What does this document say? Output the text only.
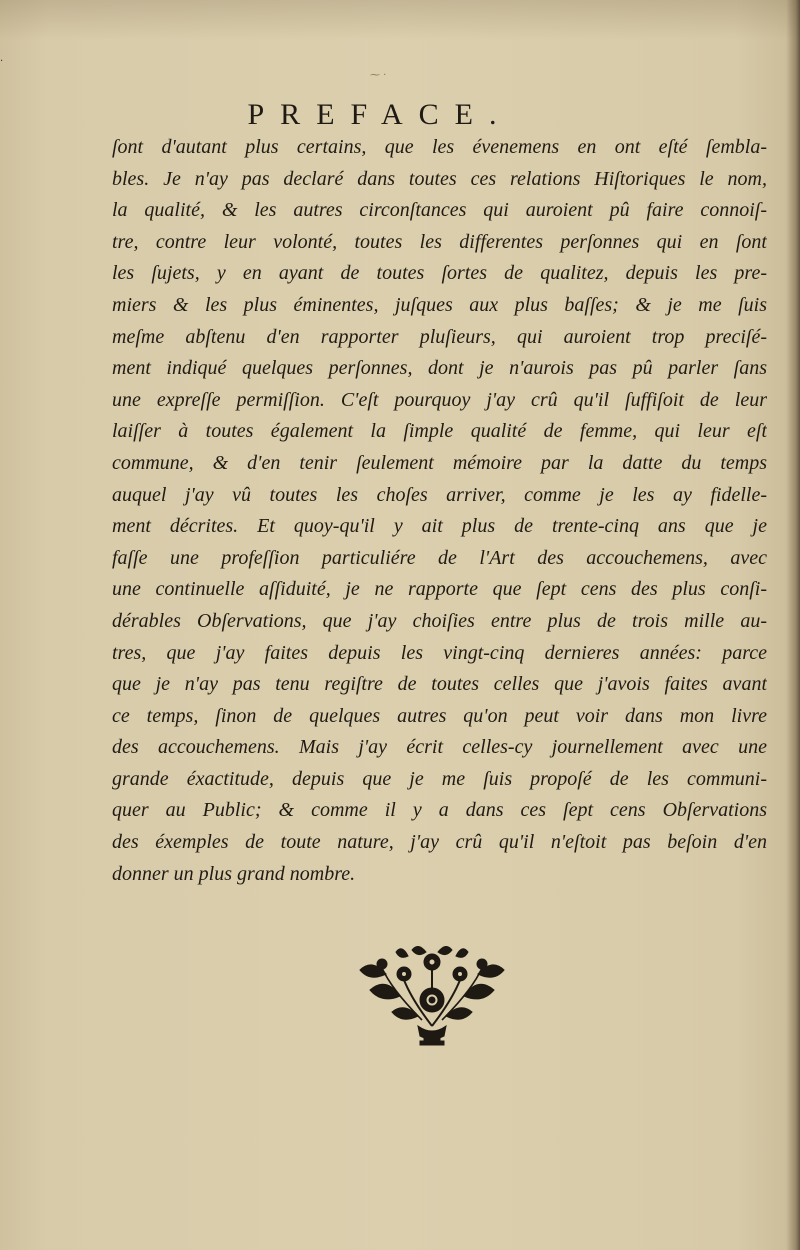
·
⁓ ·
PREFACE.
ſont d'autant plus certains, que les évenemens en ont eſté ſembla-
bles. Je n'ay pas declaré dans toutes ces relations Hiſtoriques le nom,
la qualité, & les autres circonſtances qui auroient pû faire connoiſ-
tre, contre leur volonté, toutes les differentes perſonnes qui en ſont
les ſujets, y en ayant de toutes ſortes de qualitez, depuis les pre-
miers & les plus éminentes, juſques aux plus baſſes; & je me ſuis
meſme abſtenu d'en rapporter pluſieurs, qui auroient trop preciſé-
ment indiqué quelques perſonnes, dont je n'aurois pas pû parler ſans
une expreſſe permiſſion. C'eſt pourquoy j'ay crû qu'il ſuffiſoit de leur
laiſſer à toutes également la ſimple qualité de femme, qui leur eſt
commune, & d'en tenir ſeulement mémoire par la datte du temps
auquel j'ay vû toutes les choſes arriver, comme je les ay fidelle-
ment décrites. Et quoy-qu'il y ait plus de trente-cinq ans que je
faſſe une profeſſion particuliére de l'Art des accouchemens, avec
une continuelle aſſiduité, je ne rapporte que ſept cens des plus conſi-
dérables Obſervations, que j'ay choiſies entre plus de trois mille au-
tres, que j'ay faites depuis les vingt-cinq dernieres années: parce
que je n'ay pas tenu regiſtre de toutes celles que j'avois faites avant
ce temps, ſinon de quelques autres qu'on peut voir dans mon livre
des accouchemens. Mais j'ay écrit celles-cy journellement avec une
grande éxactitude, depuis que je me ſuis propoſé de les communi-
quer au Public; & comme il y a dans ces ſept cens Obſervations
des éxemples de toute nature, j'ay crû qu'il n'eſtoit pas beſoin d'en
donner un plus grand nombre.
